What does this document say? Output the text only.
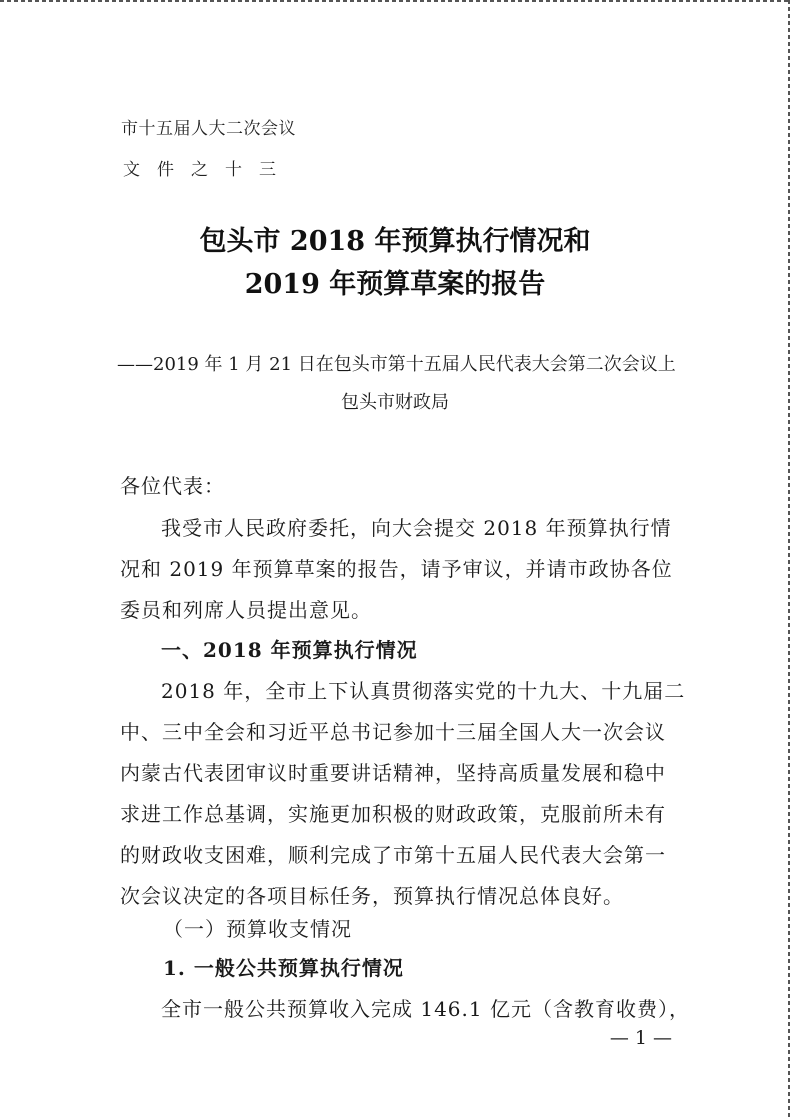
市十五届人大二次会议
文件之十三
包头市 2018 年预算执行情况和
2019 年预算草案的报告
——2019 年 1 月 21 日在包头市第十五届人民代表大会第二次会议上
包头市财政局
各位代表：
我受市人民政府委托，向大会提交 2018 年预算执行情
况和 2019 年预算草案的报告，请予审议，并请市政协各位
委员和列席人员提出意见。
一、2018 年预算执行情况
2018 年，全市上下认真贯彻落实党的十九大、十九届二
中、三中全会和习近平总书记参加十三届全国人大一次会议
内蒙古代表团审议时重要讲话精神，坚持高质量发展和稳中
求进工作总基调，实施更加积极的财政政策，克服前所未有
的财政收支困难，顺利完成了市第十五届人民代表大会第一
次会议决定的各项目标任务，预算执行情况总体良好。
（一）预算收支情况
1. 一般公共预算执行情况
全市一般公共预算收入完成 146.1 亿元（含教育收费），
— 1 —
